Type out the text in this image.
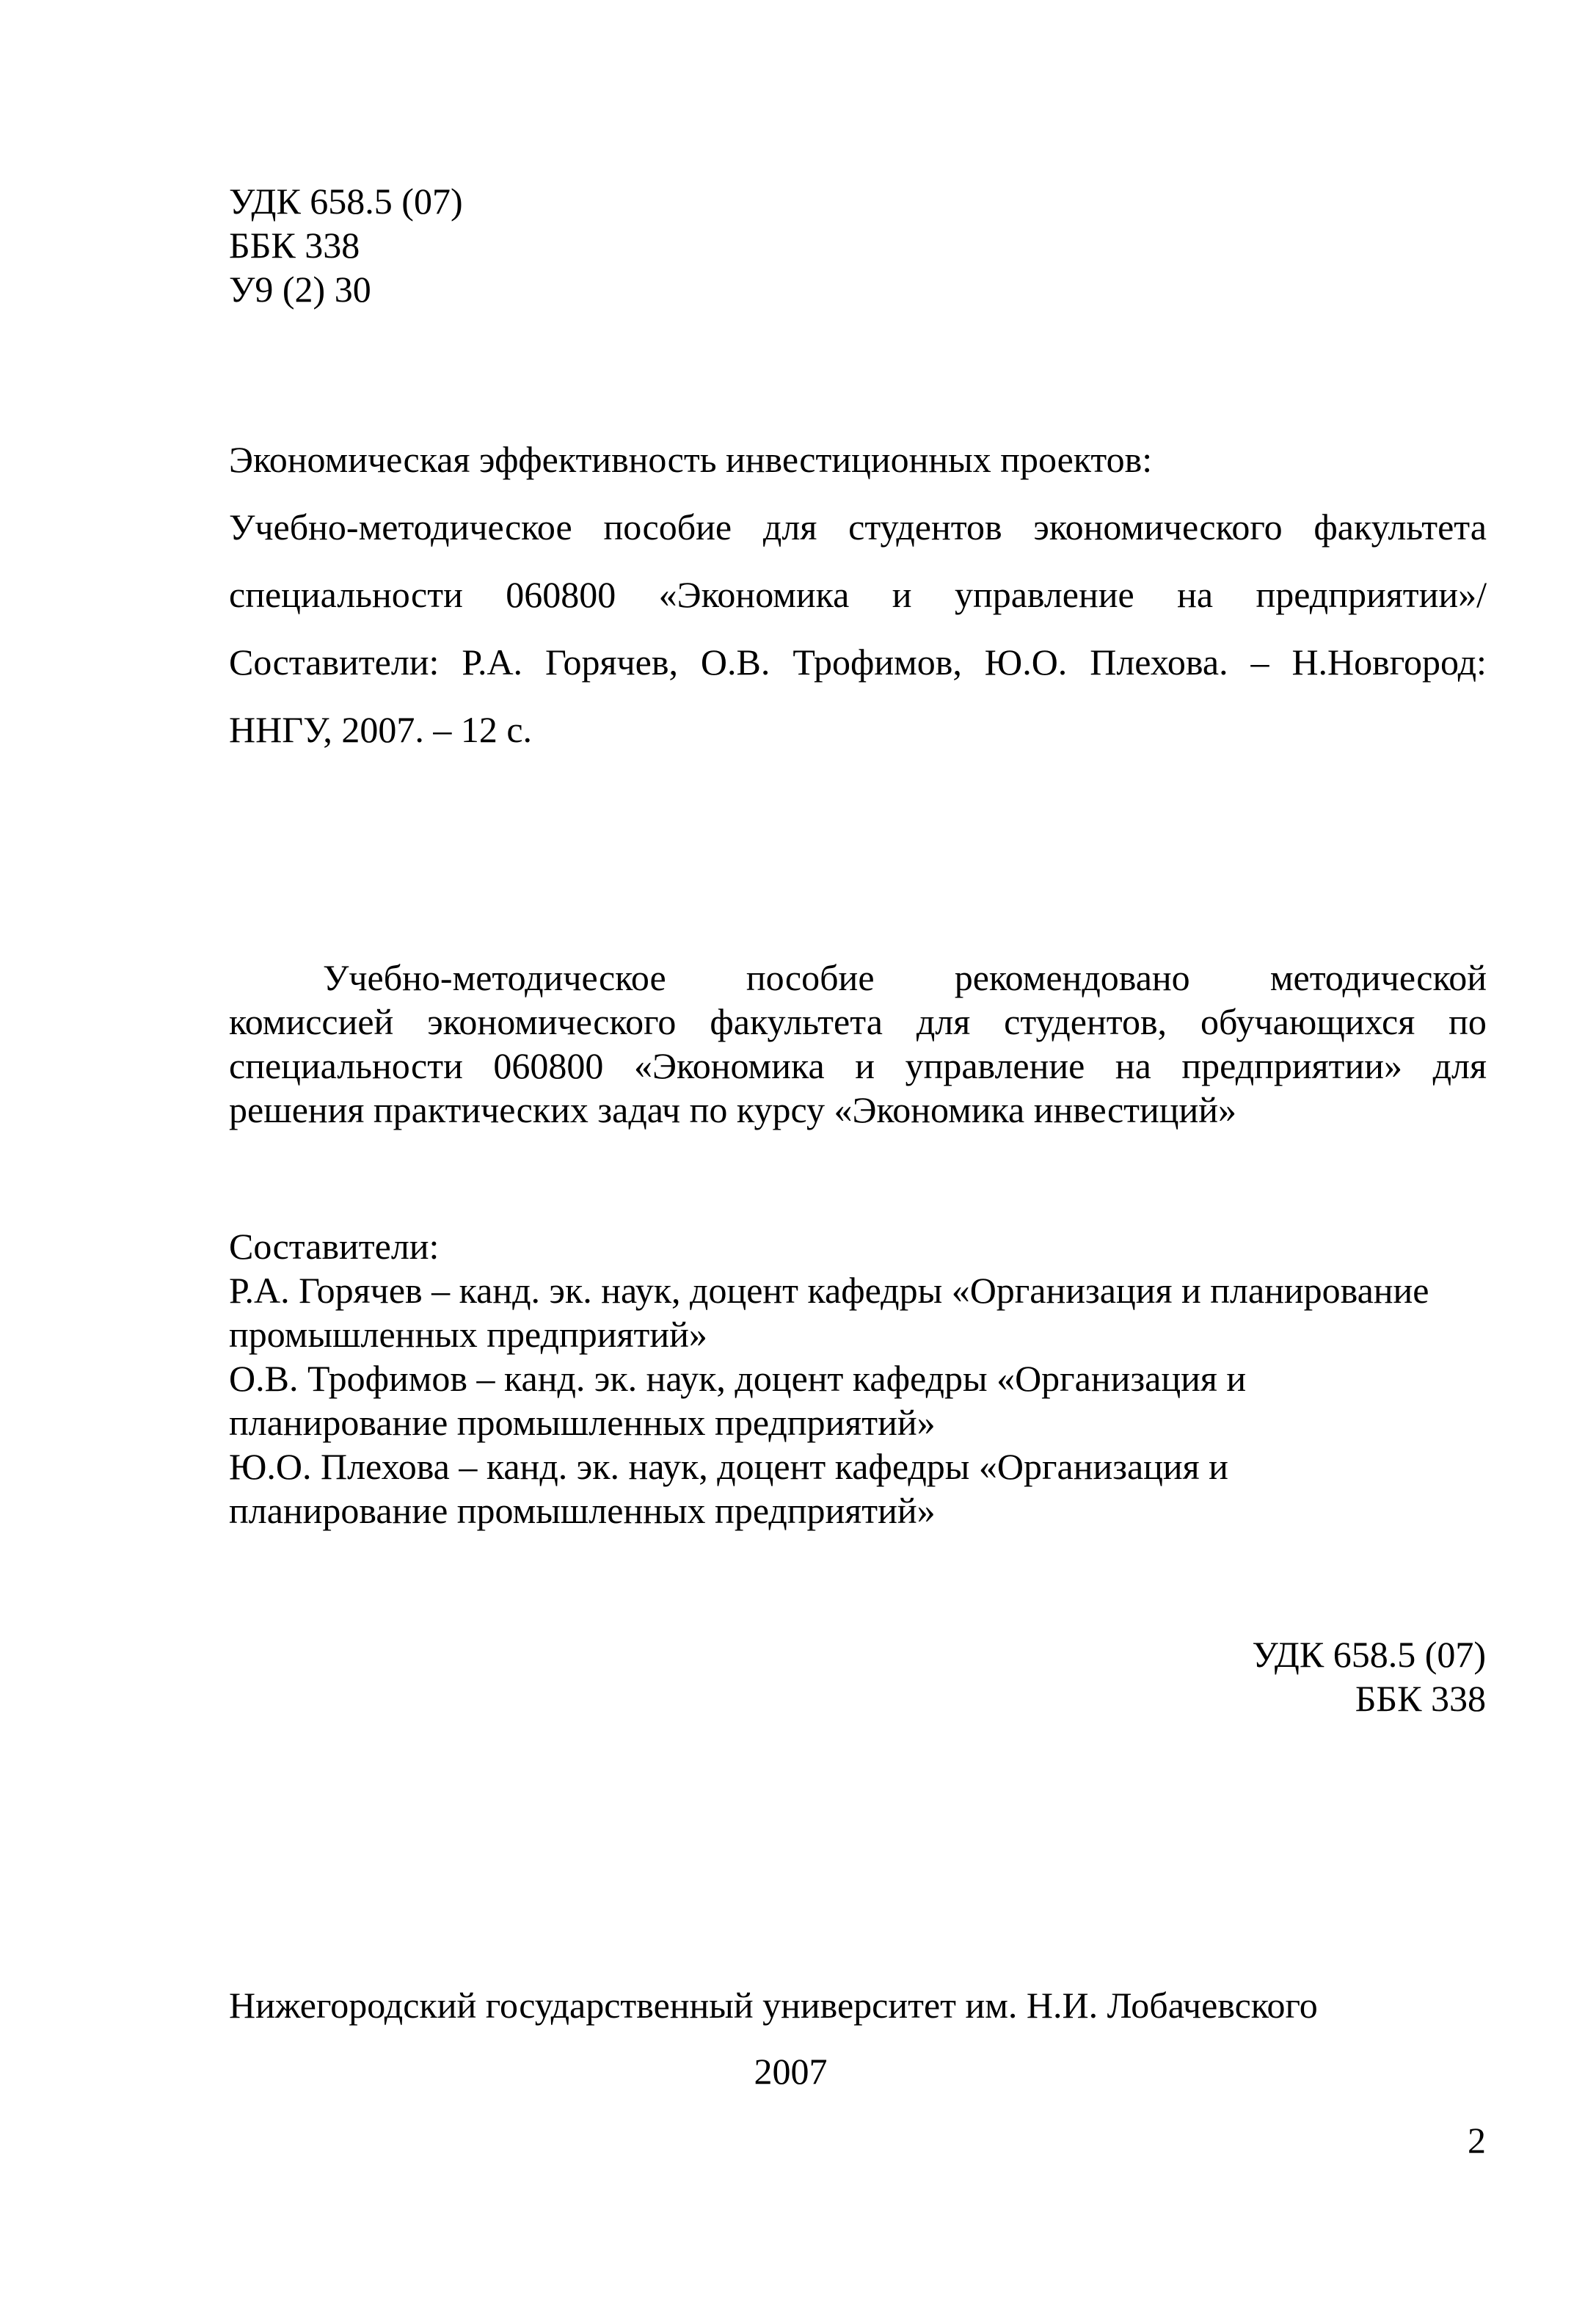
УДК 658.5 (07)
ББК 338
У9 (2) 30
Экономическая эффективность инвестиционных проектов:
Учебно-методическое пособие для студентов экономического факультета
специальности 060800 «Экономика и управление на предприятии»/
Составители: Р.А. Горячев, О.В. Трофимов, Ю.О. Плехова. – Н.Новгород:
ННГУ, 2007. – 12 с.
Учебно-методическое пособие рекомендовано методической
комиссией экономического факультета для студентов, обучающихся по
специальности 060800 «Экономика и управление на предприятии» для
решения практических задач по курсу «Экономика инвестиций»
Составители:
Р.А. Горячев – канд. эк. наук, доцент кафедры «Организация и планирование
промышленных предприятий»
О.В. Трофимов – канд. эк. наук, доцент кафедры «Организация и
планирование промышленных предприятий»
Ю.О. Плехова – канд. эк. наук, доцент кафедры «Организация и
планирование промышленных предприятий»
УДК 658.5 (07)
ББК 338
Нижегородский государственный университет им. Н.И. Лобачевского
2007
2
